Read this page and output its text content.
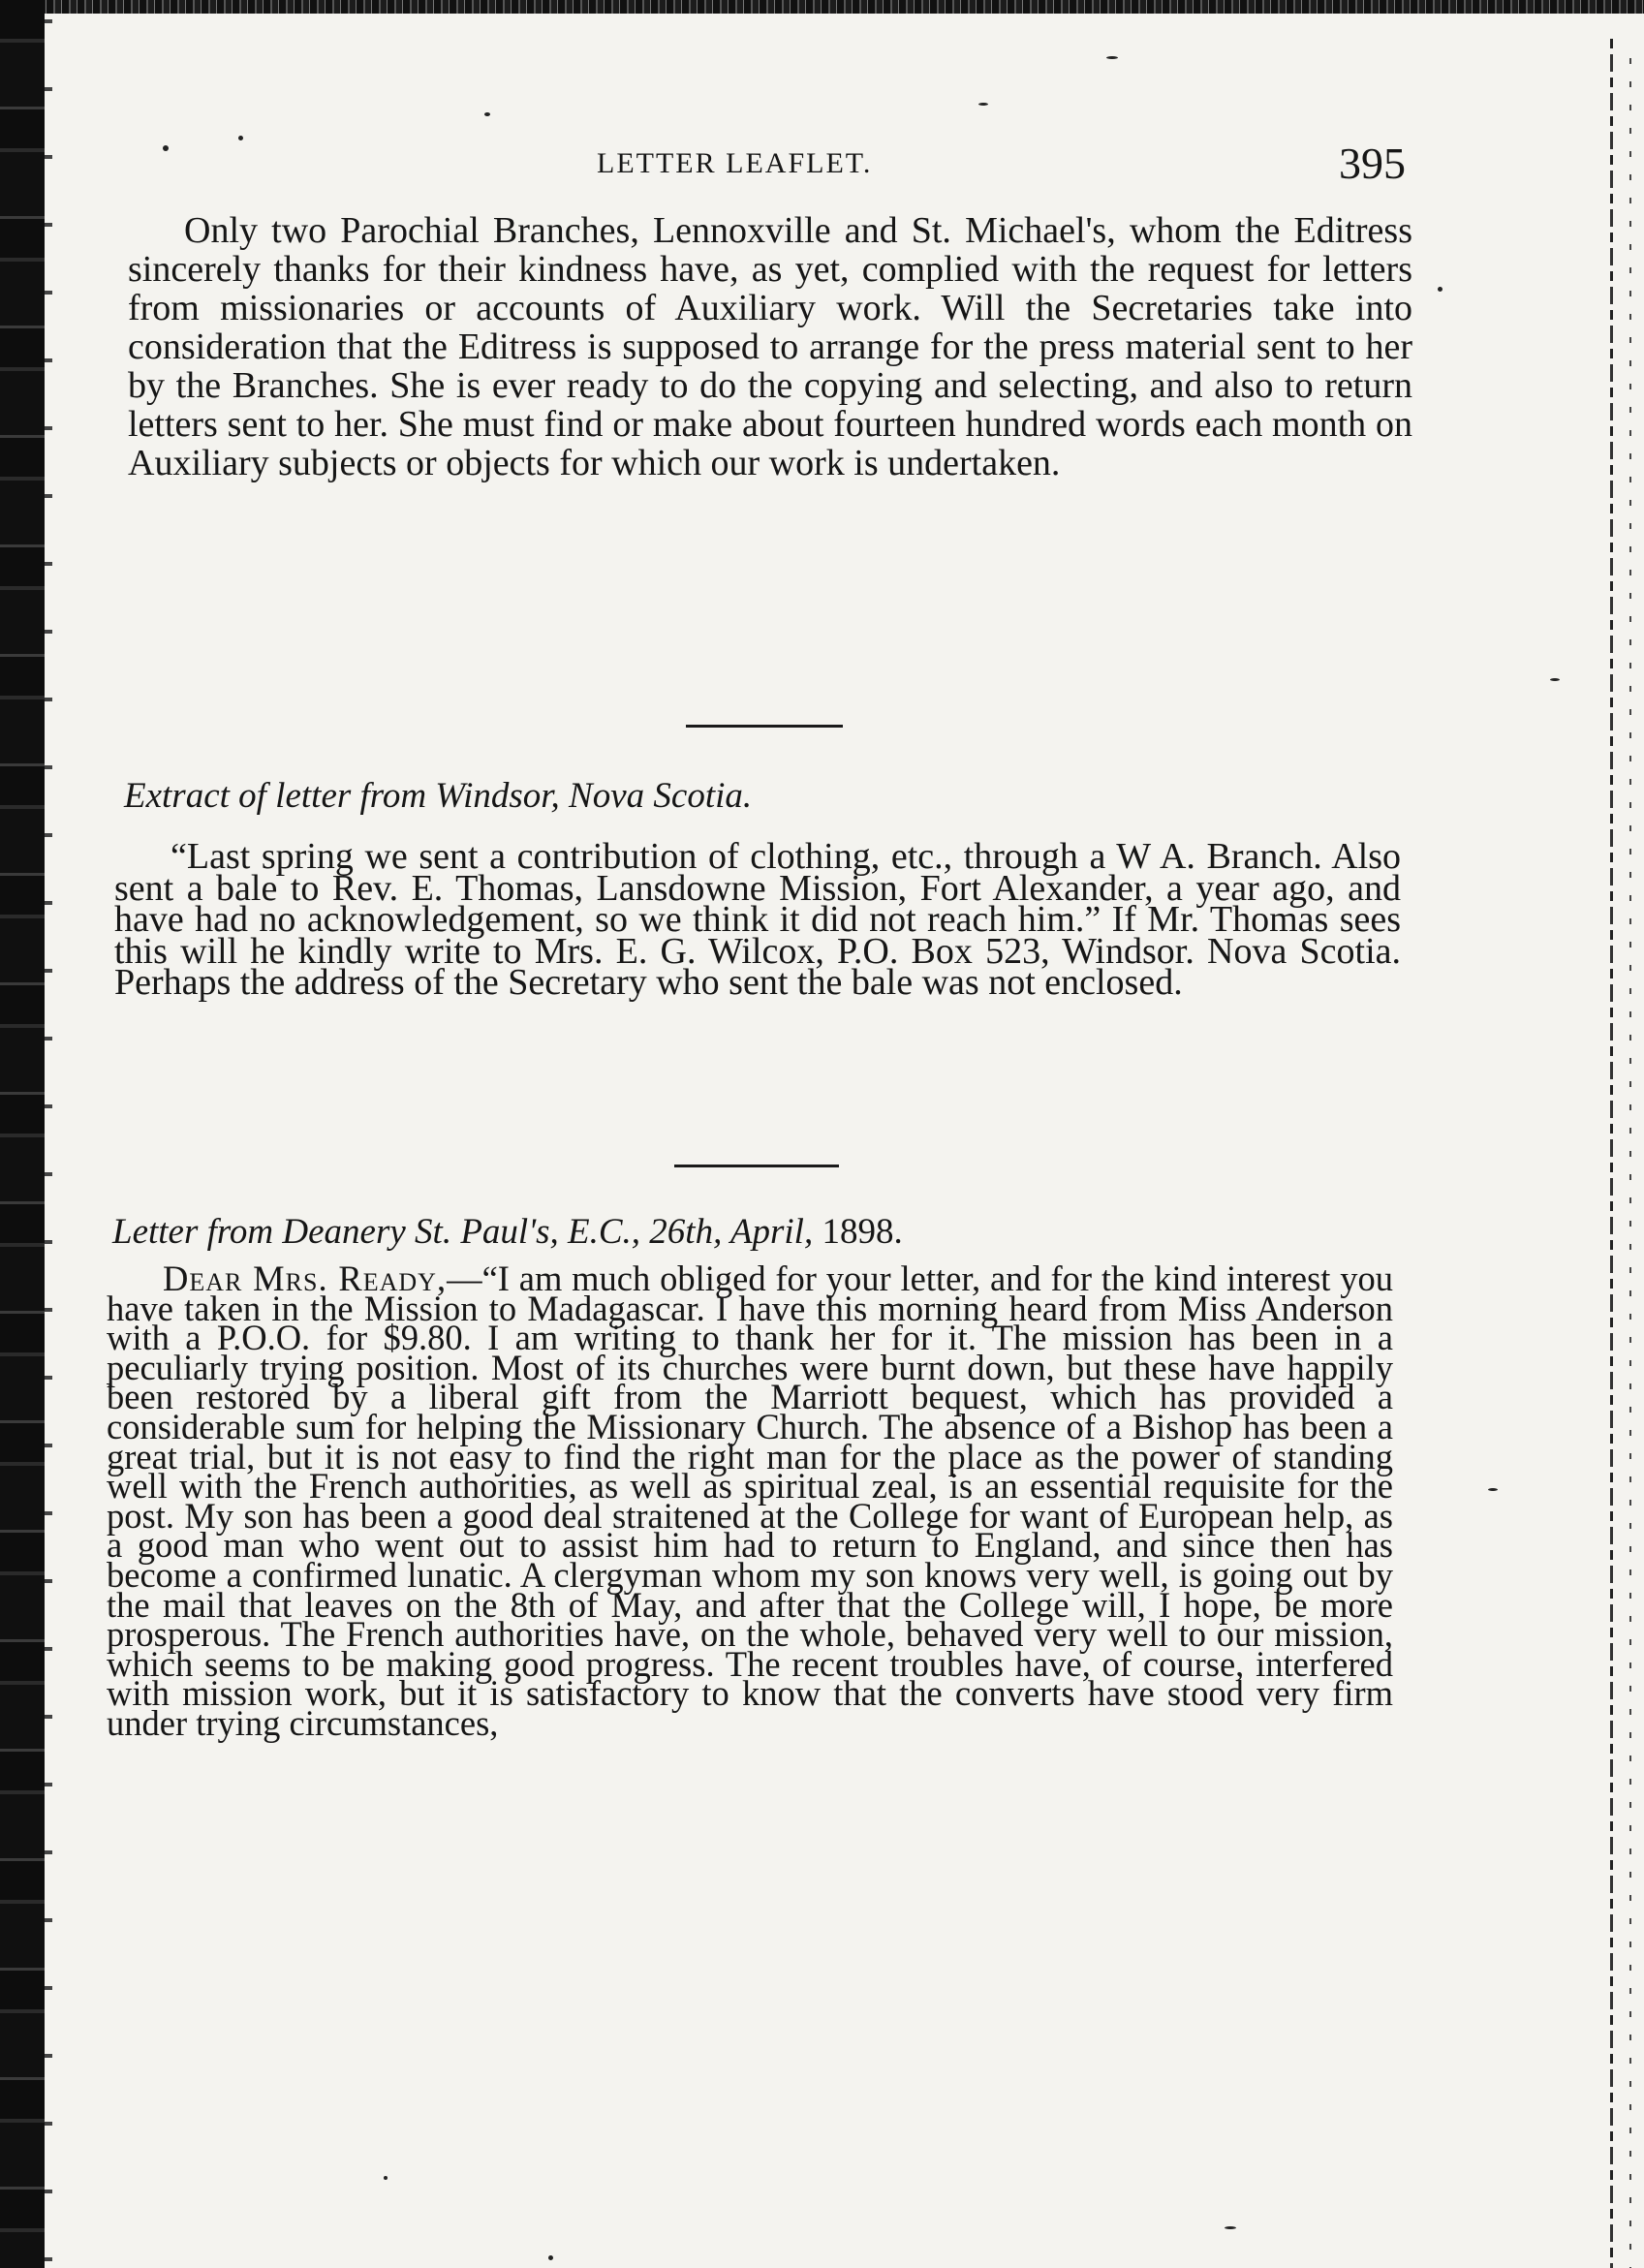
LETTER LEAFLET.	395

Only two Parochial Branches, Lennoxville and St. Michael's, whom the Editress sincerely thanks for their kindness have, as yet, complied with the request for letters from missionaries or accounts of Auxiliary work. Will the Secretaries take into consideration that the Editress is supposed to arrange for the press material sent to her by the Branches. She is ever ready to do the copying and selecting, and also to return letters sent to her. She must find or make about fourteen hundred words each month on Auxiliary subjects or objects for which our work is undertaken.

Extract of letter from Windsor, Nova Scotia.

“Last spring we sent a contribution of clothing, etc., through a W A. Branch. Also sent a bale to Rev. E. Thomas, Lansdowne Mission, Fort Alexander, a year ago, and have had no acknowledgement, so we think it did not reach him.” If Mr. Thomas sees this will he kindly write to Mrs. E. G. Wilcox, P.O. Box 523, Windsor. Nova Scotia. Perhaps the address of the Secretary who sent the bale was not enclosed.

Letter from Deanery St. Paul's, E.C., 26th, April, 1898.

Dear Mrs. Ready,—“I am much obliged for your letter, and for the kind interest you have taken in the Mission to Madagascar. I have this morning heard from Miss Anderson with a P.O.O. for $9.80. I am writing to thank her for it. The mission has been in a peculiarly trying position. Most of its churches were burnt down, but these have happily been restored by a liberal gift from the Marriott bequest, which has provided a considerable sum for helping the Missionary Church. The absence of a Bishop has been a great trial, but it is not easy to find the right man for the place as the power of standing well with the French authorities, as well as spiritual zeal, is an essential requisite for the post. My son has been a good deal straitened at the College for want of European help, as a good man who went out to assist him had to return to England, and since then has become a confirmed lunatic. A clergyman whom my son knows very well, is going out by the mail that leaves on the 8th of May, and after that the College will, I hope, be more prosperous. The French authorities have, on the whole, behaved very well to our mission, which seems to be making good progress. The recent troubles have, of course, interfered with mission work, but it is satisfactory to know that the converts have stood very firm under trying circumstances,
